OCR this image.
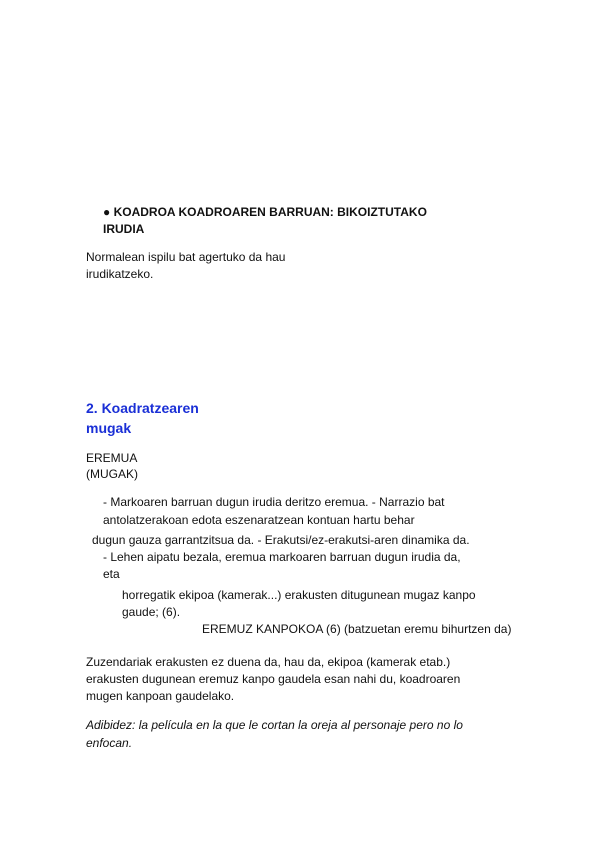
● KOADROA KOADROAREN BARRUAN: BIKOIZTUTAKO
IRUDIA
Normalean ispilu bat agertuko da hau
irudikatzeko.
2. Koadratzearen
mugak
EREMUA
(MUGAK)
- Markoaren barruan dugun irudia deritzo eremua. - Narrazio bat
antolatzerakoan edota eszenaratzean kontuan hartu behar
dugun gauza garrantzitsua da. - Erakutsi/ez-erakutsi-aren dinamika da.
- Lehen aipatu bezala, eremua markoaren barruan dugun irudia da,
eta
horregatik ekipoa (kamerak...) erakusten ditugunean mugaz kanpo
gaude; (6).
EREMUZ KANPOKOA (6) (batzuetan eremu bihurtzen da)
Zuzendariak erakusten ez duena da, hau da, ekipoa (kamerak etab.)
erakusten dugunean eremuz kanpo gaudela esan nahi du, koadroaren
mugen kanpoan gaudelako.
Adibidez: la película en la que le cortan la oreja al personaje pero no lo
enfocan.
